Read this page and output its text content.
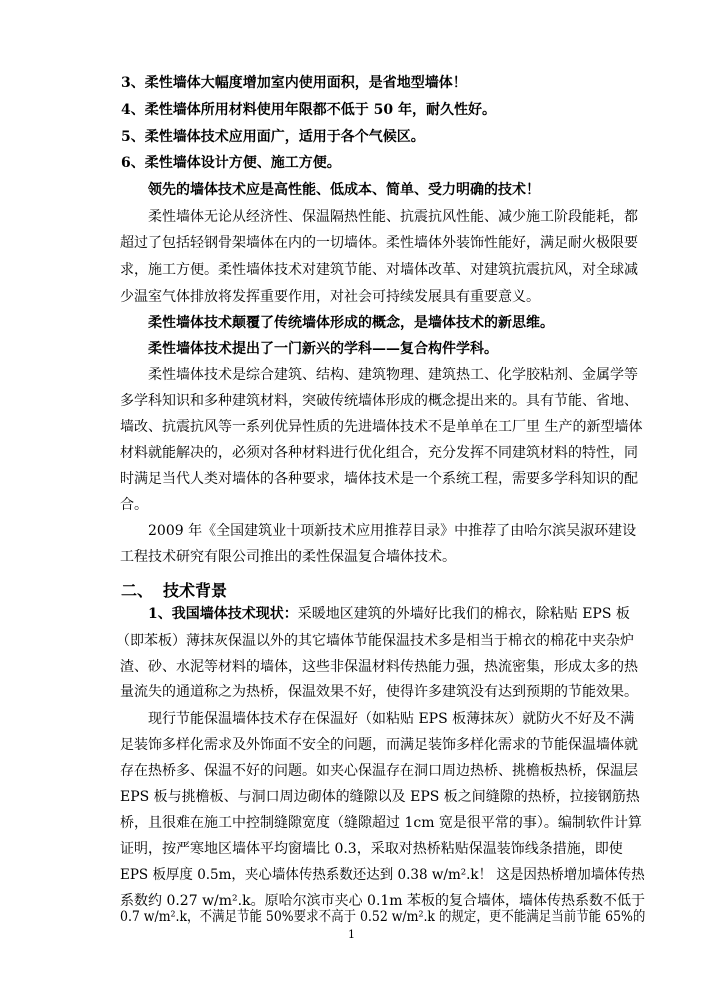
3、柔性墙体大幅度增加室内使用面积，是省地型墙体！
4、柔性墙体所用材料使用年限都不低于 50 年，耐久性好。
5、柔性墙体技术应用面广，适用于各个气候区。
6、柔性墙体设计方便、施工方便。
领先的墙体技术应是高性能、低成本、简单、受力明确的技术！
柔性墙体无论从经济性、保温隔热性能、抗震抗风性能、减少施工阶段能耗，都
超过了包括轻钢骨架墙体在内的一切墙体。柔性墙体外装饰性能好，满足耐火极限要
求，施工方便。柔性墙体技术对建筑节能、对墙体改革、对建筑抗震抗风，对全球减
少温室气体排放将发挥重要作用，对社会可持续发展具有重要意义。
柔性墙体技术颠覆了传统墙体形成的概念，是墙体技术的新思维。
柔性墙体技术提出了一门新兴的学科——复合构件学科。
柔性墙体技术是综合建筑、结构、建筑物理、建筑热工、化学胶粘剂、金属学等
多学科知识和多种建筑材料，突破传统墙体形成的概念提出来的。具有节能、省地、
墙改、抗震抗风等一系列优异性质的先进墙体技术不是单单在工厂里 生产的新型墙体
材料就能解决的，必须对各种材料进行优化组合，充分发挥不同建筑材料的特性，同
时满足当代人类对墙体的各种要求，墙体技术是一个系统工程，需要多学科知识的配
合。
2009 年《全国建筑业十项新技术应用推荐目录》中推荐了由哈尔滨吴淑环建设
工程技术研究有限公司推出的柔性保温复合墙体技术。
二、 技术背景
1、我国墙体技术现状：采暖地区建筑的外墙好比我们的棉衣，除粘贴 EPS 板
（即苯板）薄抹灰保温以外的其它墙体节能保温技术多是相当于棉衣的棉花中夹杂炉
渣、砂、水泥等材料的墙体，这些非保温材料传热能力强，热流密集，形成太多的热
量流失的通道称之为热桥，保温效果不好，使得许多建筑没有达到预期的节能效果。
现行节能保温墙体技术存在保温好（如粘贴 EPS 板薄抹灰）就防火不好及不满
足装饰多样化需求及外饰面不安全的问题，而满足装饰多样化需求的节能保温墙体就
存在热桥多、保温不好的问题。如夹心保温存在洞口周边热桥、挑檐板热桥，保温层
EPS 板与挑檐板、与洞口周边砌体的缝隙以及 EPS 板之间缝隙的热桥，拉接钢筋热
桥，且很难在施工中控制缝隙宽度（缝隙超过 1cm 宽是很平常的事）。编制软件计算
证明，按严寒地区墙体平均窗墙比 0.3，采取对热桥粘贴保温装饰线条措施，即使
EPS 板厚度 0.5m，夹心墙体传热系数还达到 0.38 w/m².k！ 这是因热桥增加墙体传热
系数约 0.27 w/m².k。原哈尔滨市夹心 0.1m 苯板的复合墙体，墙体传热系数不低于
0.7 w/m².k，不满足节能 50%要求不高于 0.52 w/m².k 的规定，更不能满足当前节能 65%的
1
